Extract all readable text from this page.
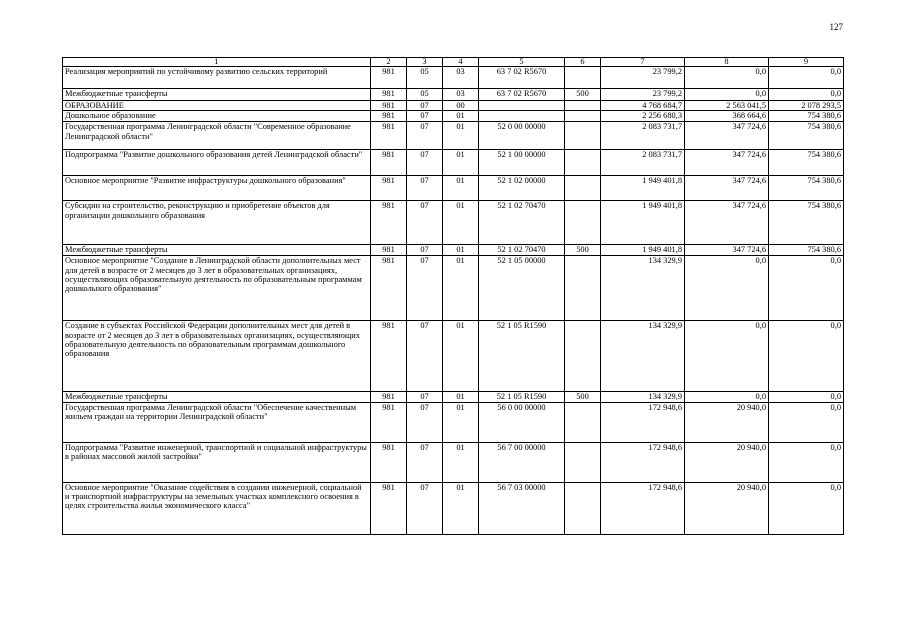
127
1	2	3	4	5	6	7	8	9
Реализация мероприятий по устойчивому развитию сельских территорий	981	05	03	63 7 02 R5670		23 799,2	0,0	0,0
Межбюджетные трансферты	981	05	03	63 7 02 R5670	500	23 799,2	0,0	0,0
ОБРАЗОВАНИЕ	981	07	00			4 768 684,7	2 563 041,5	2 078 293,5
Дошкольное образование	981	07	01			2 256 680,3	368 664,6	754 380,6
Государственная программа Ленинградской области "Современное образование Ленинградской области"	981	07	01	52 0 00 00000		2 083 731,7	347 724,6	754 380,6
Подпрограмма "Развитие дошкольного образования детей Ленинградской области"	981	07	01	52 1 00 00000		2 083 731,7	347 724,6	754 380,6
Основное мероприятие "Развитие инфраструктуры дошкольного образования"	981	07	01	52 1 02 00000		1 949 401,8	347 724,6	754 380,6
Субсидии на строительство, реконструкцию и приобретение объектов для организации дошкольного образования	981	07	01	52 1 02 70470		1 949 401,8	347 724,6	754 380,6
Межбюджетные трансферты	981	07	01	52 1 02 70470	500	1 949 401,8	347 724,6	754 380,6
Основное мероприятие "Создание в Ленинградской области дополнительных мест для детей в возрасте от 2 месяцев до 3 лет в образовательных организациях, осуществляющих образовательную деятельность по образовательным программам дошкольного образования"	981	07	01	52 1 05 00000		134 329,9	0,0	0,0
Создание в субъектах Российской Федерации дополнительных мест для детей в возрасте от 2 месяцев до 3 лет в образовательных организациях, осуществляющих образовательную деятельность по образовательным программам дошкольного образования	981	07	01	52 1 05 R1590		134 329,9	0,0	0,0
Межбюджетные трансферты	981	07	01	52 1 05 R1590	500	134 329,9	0,0	0,0
Государственная программа Ленинградской области "Обеспечение качественным жильем граждан на территории Ленинградской области"	981	07	01	56 0 00 00000		172 948,6	20 940,0	0,0
Подпрограмма "Развитие инженерной, транспортной и социальной инфраструктуры в районах массовой жилой застройки"	981	07	01	56 7 00 00000		172 948,6	20 940,0	0,0
Основное мероприятие "Оказание содействия в создании инженерной, социальной и транспортной инфраструктуры на земельных участках комплексного освоения в целях строительства жилья экономического класса"	981	07	01	56 7 03 00000		172 948,6	20 940,0	0,0
